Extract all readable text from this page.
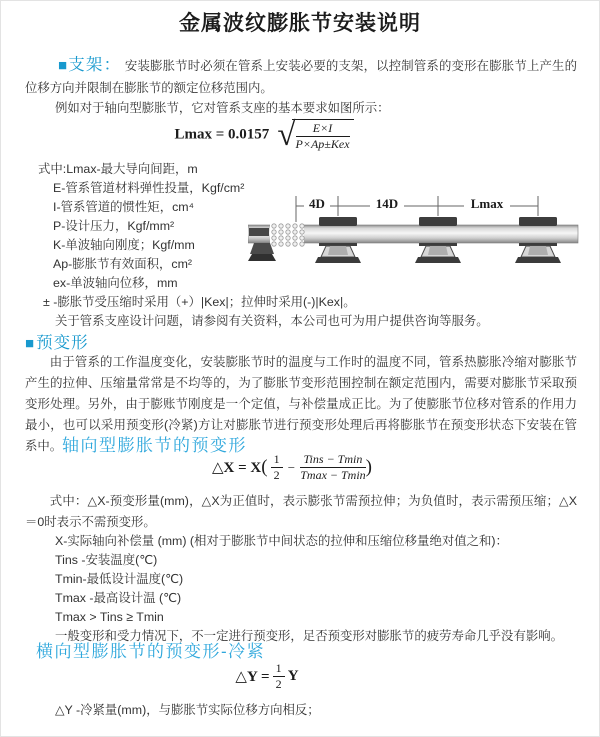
金属波纹膨胀节安装说明
■支架： 安装膨胀节时必须在管系上安装必要的支架，以控制管系的变形在膨胀节上产生的位移方向并限制在膨胀节的额定位移范围内。
例如对于轴向型膨胀节，它对管系支座的基本要求如图所示：
Lmax = 0.0157 √ $\frac{E\times I}{\text{P×Ap±Kex}}$
式中:Lmax-最大导向间距，m
E-管系管道材料弹性投量，Kgf/cm²
I-管系管道的惯性矩，cm⁴
P-设计压力，Kgf/mm²
K-单波轴向刚度；Kgf/mm
Ap-膨胀节有效面积，cm²
ex-单波轴向位移，mm
± -膨胀节受压缩时采用（+）|Kex|；拉伸时采用(-)|Kex|。
关于管系支座设计问题，请参阅有关资料，本公司也可为用户提供咨询等服务。
4D	14D	Lmax
■预变形
由于管系的工作温度变化，安装膨胀节时的温度与工作时的温度不同，管系热膨胀冷缩对膨胀节产生的拉伸、压缩量常常是不均等的，为了膨胀节变形范围控制在额定范围内，需要对膨胀节采取预变形处理。另外，由于膨账节刚度是一个定值，与补偿量成正比。为了使膨胀节位移对管系的作用力最小，也可以采用预变形(冷紧)方让对膨胀节进行预变形处理后再将膨胀节在预变形状态下安装在管系中。 轴向型膨胀节的预变形
△X = $X( \frac{1}{2} - \frac{\text{Tins − Tmin}}{Tmax - Tmin}$ )
式中：△X-预变形量(mm)，△X为正值时，表示膨张节需预拉伸；为负值时，表示需预压缩；△X＝0时表示不需预变形。
X-实际轴向补偿量 (mm) (相对于膨胀节中间状态的拉伸和压缩位移量绝对值之和)：
Tins -安装温度(℃)
Tmin-最低设计温度(℃)
Tmax -最高设计温 (℃)
Tmax > Tins ≥ Tmin
一般变形和受力情况下，不一定进行预变形，足否预变形对膨胀节的疲劳寿命几乎没有影响。
横向型膨胀节的预变形-冷紧
△Y = $\frac{1}{2}$ Y
△Y -冷紧量(mm)，与膨胀节实际位移方向相反；
